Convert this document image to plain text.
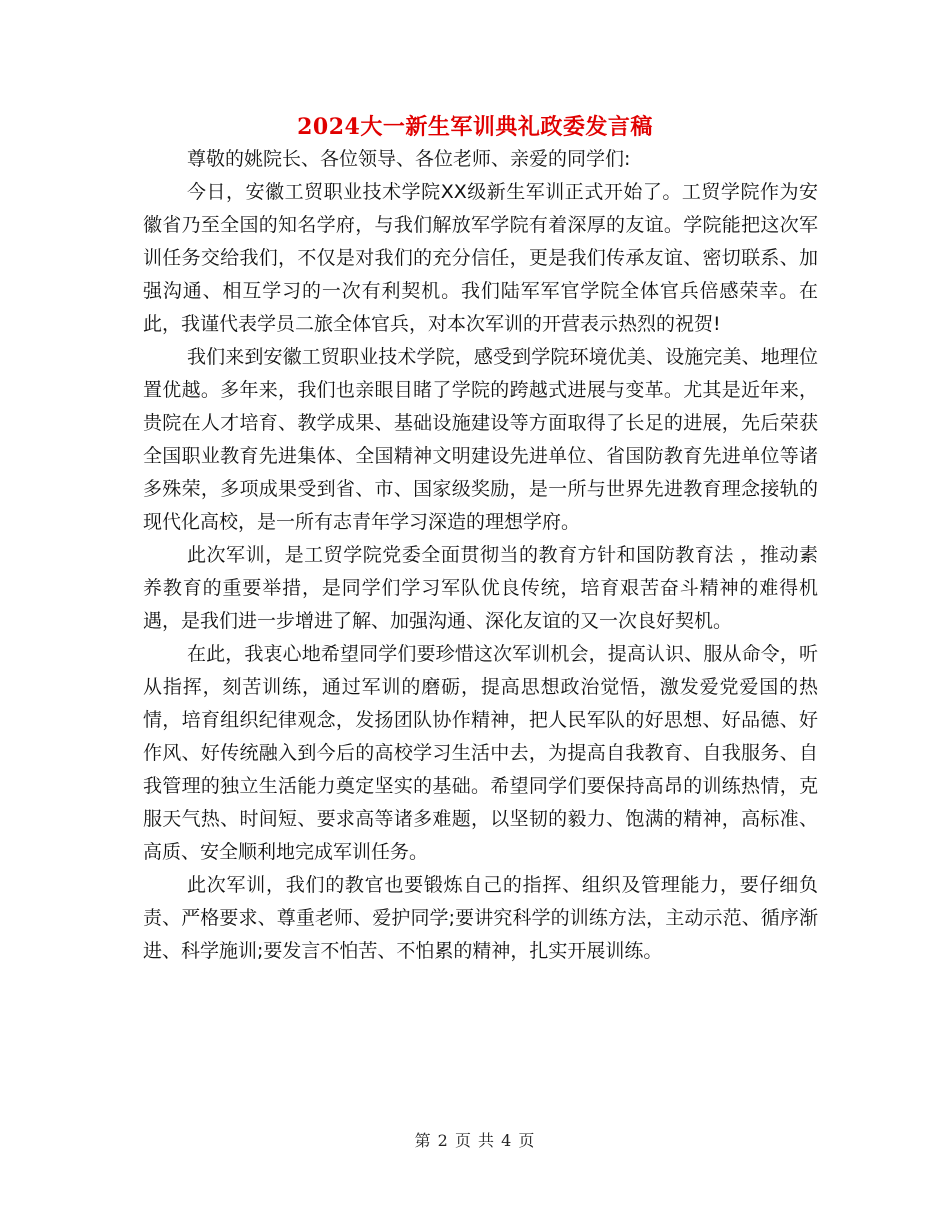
2024大一新生军训典礼政委发言稿

尊敬的姚院长、各位领导、各位老师、亲爱的同学们:

今日，安徽工贸职业技术学院XX级新生军训正式开始了。工贸学院作为安徽省乃至全国的知名学府，与我们解放军学院有着深厚的友谊。学院能把这次军训任务交给我们，不仅是对我们的充分信任，更是我们传承友谊、密切联系、加强沟通、相互学习的一次有利契机。我们陆军军官学院全体官兵倍感荣幸。在此，我谨代表学员二旅全体官兵，对本次军训的开营表示热烈的祝贺!

我们来到安徽工贸职业技术学院，感受到学院环境优美、设施完美、地理位置优越。多年来，我们也亲眼目睹了学院的跨越式进展与变革。尤其是近年来，贵院在人才培育、教学成果、基础设施建设等方面取得了长足的进展，先后荣获全国职业教育先进集体、全国精神文明建设先进单位、省国防教育先进单位等诸多殊荣，多项成果受到省、市、国家级奖励，是一所与世界先进教育理念接轨的现代化高校，是一所有志青年学习深造的理想学府。

此次军训，是工贸学院党委全面贯彻当的教育方针和国防教育法 ，推动素养教育的重要举措，是同学们学习军队优良传统，培育艰苦奋斗精神的难得机遇，是我们进一步增进了解、加强沟通、深化友谊的又一次良好契机。

在此，我衷心地希望同学们要珍惜这次军训机会，提高认识、服从命令，听从指挥，刻苦训练，通过军训的磨砺，提高思想政治觉悟，激发爱党爱国的热情，培育组织纪律观念，发扬团队协作精神，把人民军队的好思想、好品德、好作风、好传统融入到今后的高校学习生活中去，为提高自我教育、自我服务、自我管理的独立生活能力奠定坚实的基础。希望同学们要保持高昂的训练热情，克服天气热、时间短、要求高等诸多难题，以坚韧的毅力、饱满的精神，高标准、高质、安全顺利地完成军训任务。

此次军训，我们的教官也要锻炼自己的指挥、组织及管理能力，要仔细负责、严格要求、尊重老师、爱护同学;要讲究科学的训练方法，主动示范、循序渐进、科学施训;要发言不怕苦、不怕累的精神，扎实开展训练。

第 2 页 共 4 页
